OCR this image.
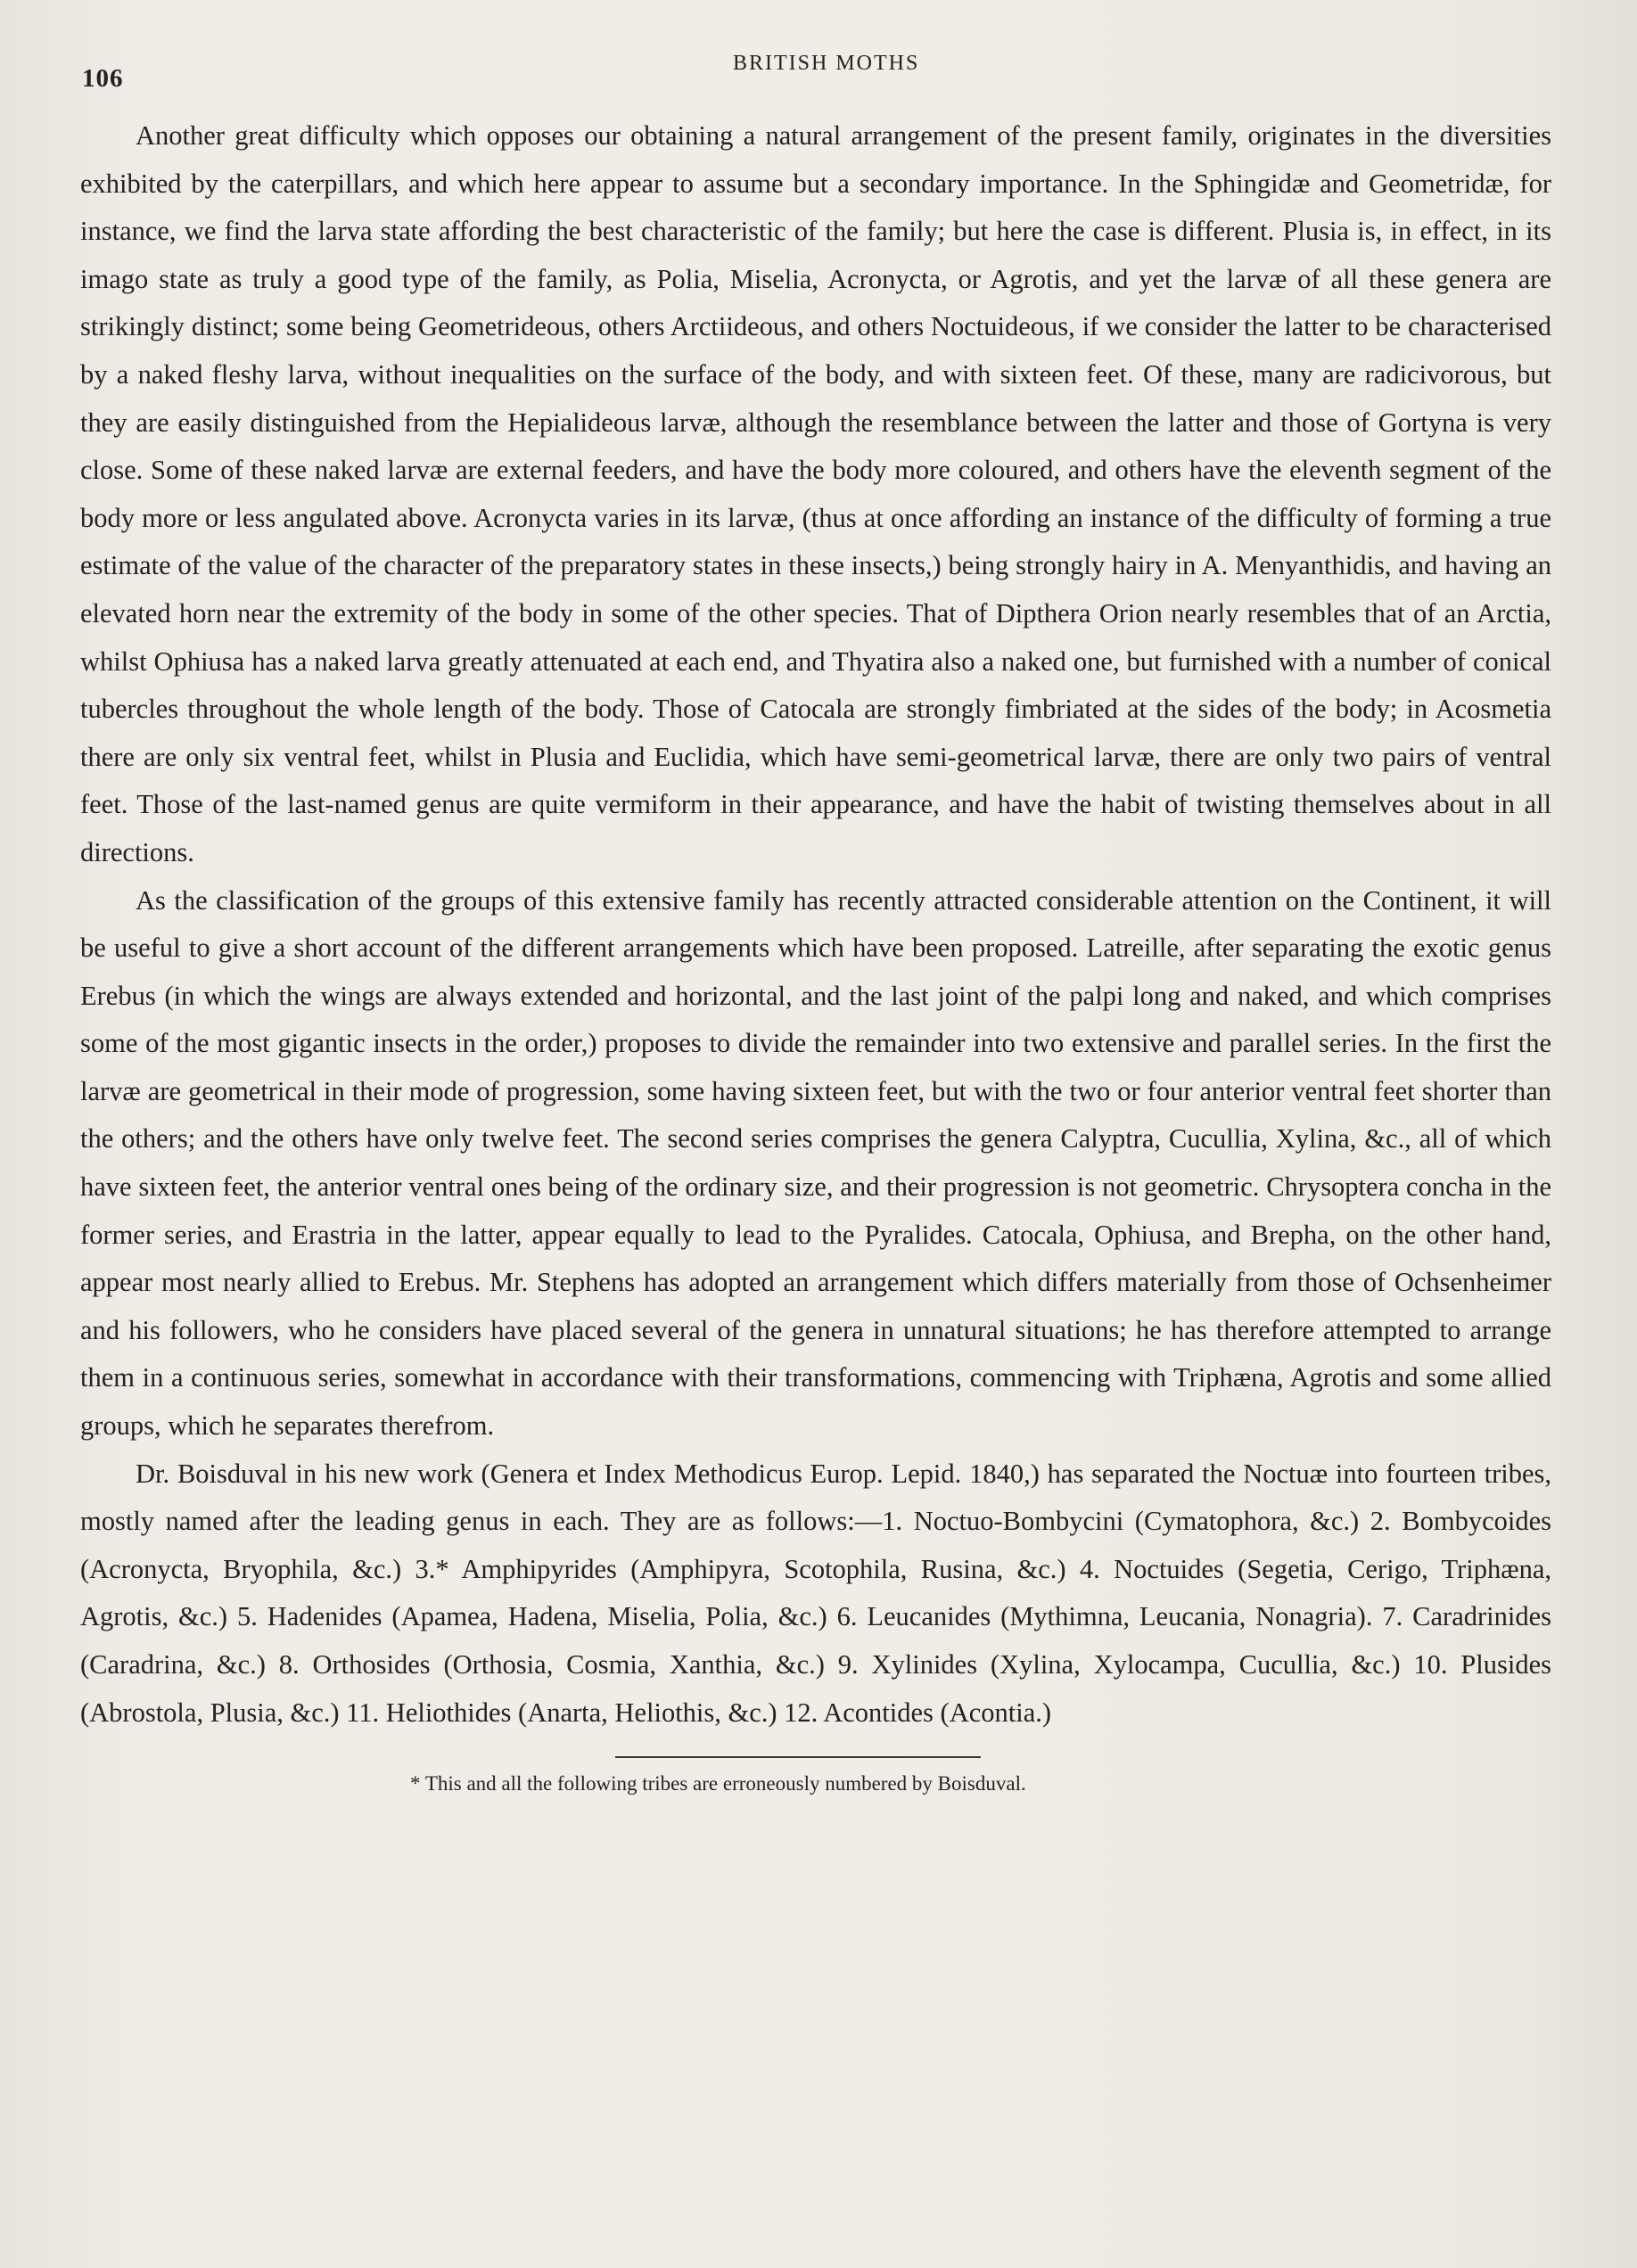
106
BRITISH MOTHS

Another great difficulty which opposes our obtaining a natural arrangement of the present family, originates in the diversities exhibited by the caterpillars, and which here appear to assume but a secondary importance. In the Sphingidæ and Geometridæ, for instance, we find the larva state affording the best characteristic of the family; but here the case is different. Plusia is, in effect, in its imago state as truly a good type of the family, as Polia, Miselia, Acronycta, or Agrotis, and yet the larvæ of all these genera are strikingly distinct; some being Geometrideous, others Arctiideous, and others Noctuideous, if we consider the latter to be characterised by a naked fleshy larva, without inequalities on the surface of the body, and with sixteen feet. Of these, many are radicivorous, but they are easily distinguished from the Hepialideous larvæ, although the resemblance between the latter and those of Gortyna is very close. Some of these naked larvæ are external feeders, and have the body more coloured, and others have the eleventh segment of the body more or less angulated above. Acronycta varies in its larvæ, (thus at once affording an instance of the difficulty of forming a true estimate of the value of the character of the preparatory states in these insects,) being strongly hairy in A. Menyanthidis, and having an elevated horn near the extremity of the body in some of the other species. That of Dipthera Orion nearly resembles that of an Arctia, whilst Ophiusa has a naked larva greatly attenuated at each end, and Thyatira also a naked one, but furnished with a number of conical tubercles throughout the whole length of the body. Those of Catocala are strongly fimbriated at the sides of the body; in Acosmetia there are only six ventral feet, whilst in Plusia and Euclidia, which have semi-geometrical larvæ, there are only two pairs of ventral feet. Those of the last-named genus are quite vermiform in their appearance, and have the habit of twisting themselves about in all directions.

As the classification of the groups of this extensive family has recently attracted considerable attention on the Continent, it will be useful to give a short account of the different arrangements which have been proposed. Latreille, after separating the exotic genus Erebus (in which the wings are always extended and horizontal, and the last joint of the palpi long and naked, and which comprises some of the most gigantic insects in the order,) proposes to divide the remainder into two extensive and parallel series. In the first the larvæ are geometrical in their mode of progression, some having sixteen feet, but with the two or four anterior ventral feet shorter than the others; and the others have only twelve feet. The second series comprises the genera Calyptra, Cucullia, Xylina, &c., all of which have sixteen feet, the anterior ventral ones being of the ordinary size, and their progression is not geometric. Chrysoptera concha in the former series, and Erastria in the latter, appear equally to lead to the Pyralides. Catocala, Ophiusa, and Brepha, on the other hand, appear most nearly allied to Erebus. Mr. Stephens has adopted an arrangement which differs materially from those of Ochsenheimer and his followers, who he considers have placed several of the genera in unnatural situations; he has therefore attempted to arrange them in a continuous series, somewhat in accordance with their transformations, commencing with Triphæna, Agrotis and some allied groups, which he separates therefrom.

Dr. Boisduval in his new work (Genera et Index Methodicus Europ. Lepid. 1840,) has separated the Noctuæ into fourteen tribes, mostly named after the leading genus in each. They are as follows:—1. Noctuo-Bombycini (Cymatophora, &c.) 2. Bombycoides (Acronycta, Bryophila, &c.) 3.* Amphipyrides (Amphipyra, Scotophila, Rusina, &c.) 4. Noctuides (Segetia, Cerigo, Triphæna, Agrotis, &c.) 5. Hadenides (Apamea, Hadena, Miselia, Polia, &c.) 6. Leucanides (Mythimna, Leucania, Nonagria). 7. Caradrinides (Caradrina, &c.) 8. Orthosides (Orthosia, Cosmia, Xanthia, &c.) 9. Xylinides (Xylina, Xylocampa, Cucullia, &c.) 10. Plusides (Abrostola, Plusia, &c.) 11. Heliothides (Anarta, Heliothis, &c.) 12. Acontides (Acontia.)

* This and all the following tribes are erroneously numbered by Boisduval.
